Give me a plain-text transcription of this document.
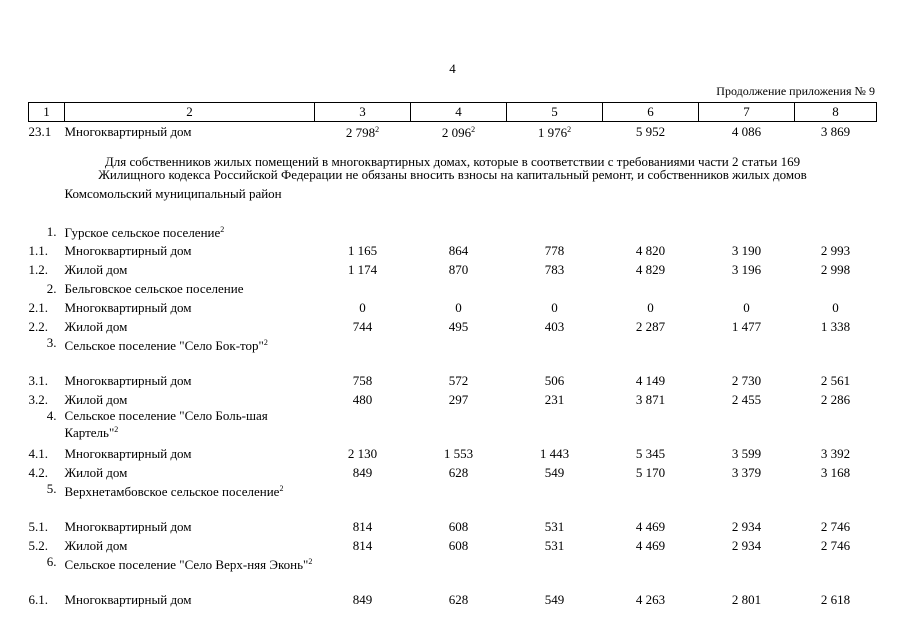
4
Продолжение приложения № 9
1	2	3	4	5	6	7	8
23.1	Многоквартирный дом	2 $798^2$	2 $096^2$	1 $976^2$	5 952	4 086	3 869

Для собственников жилых помещений в многоквартирных домах, которые в соответствии с требованиями части 2 статьи 169							
Жилищного кодекса Российской Федерации не обязаны вносить взносы на капитальный ремонт, и собственников жилых домов							
	Комсомольский муниципальный район						
1.	Гурское сельское поселение$^2$						
1.1.	Многоквартирный дом	1 165	864	778	4 820	3 190	2 993
1.2.	Жилой дом	1 174	870	783	4 829	3 196	2 998
2.	Бельговское сельское поселение						
2.1.	Многоквартирный дом	0	0	0	0	0	0
2.2.	Жилой дом	744	495	403	2 287	1 477	1 338
3.	Сельское поселение "Село Бок-тор"$^2$						
3.1.	Многоквартирный дом	758	572	506	4 149	2 730	2 561
3.2.	Жилой дом	480	297	231	3 871	2 455	2 286
4.	Сельское поселение "Село Боль-шая Картель"$^2$						
4.1.	Многоквартирный дом	2 130	1 553	1 443	5 345	3 599	3 392
4.2.	Жилой дом	849	628	549	5 170	3 379	3 168
5.	Верхнетамбовское сельское поселение$^2$						
5.1.	Многоквартирный дом	814	608	531	4 469	2 934	2 746
5.2.	Жилой дом	814	608	531	4 469	2 934	2 746
6.	Сельское поселение "Село Верх-няя Эконь"$^2$						
6.1.	Многоквартирный дом	849	628	549	4 263	2 801	2 618
